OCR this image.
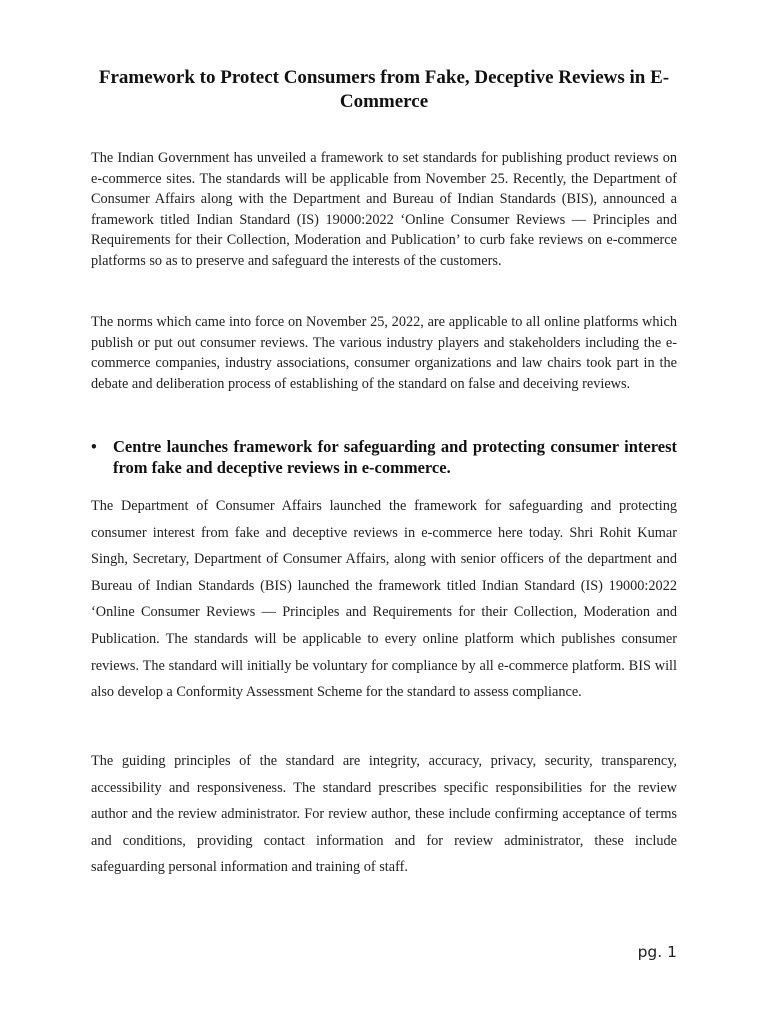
Framework to Protect Consumers from Fake, Deceptive Reviews in E-Commerce

The Indian Government has unveiled a framework to set standards for publishing product reviews on e-commerce sites. The standards will be applicable from November 25. Recently, the Department of Consumer Affairs along with the Department and Bureau of Indian Standards (BIS), announced a framework titled Indian Standard (IS) 19000:2022 ‘Online Consumer Reviews — Principles and Requirements for their Collection, Moderation and Publication’ to curb fake reviews on e-commerce platforms so as to preserve and safeguard the interests of the customers.

The norms which came into force on November 25, 2022, are applicable to all online platforms which publish or put out consumer reviews. The various industry players and stakeholders including the e-commerce companies, industry associations, consumer organizations and law chairs took part in the debate and deliberation process of establishing of the standard on false and deceiving reviews.

• Centre launches framework for safeguarding and protecting consumer interest from fake and deceptive reviews in e-commerce.

The Department of Consumer Affairs launched the framework for safeguarding and protecting consumer interest from fake and deceptive reviews in e-commerce here today. Shri Rohit Kumar Singh, Secretary, Department of Consumer Affairs, along with senior officers of the department and Bureau of Indian Standards (BIS) launched the framework titled Indian Standard (IS) 19000:2022 ‘Online Consumer Reviews — Principles and Requirements for their Collection, Moderation and Publication. The standards will be applicable to every online platform which publishes consumer reviews. The standard will initially be voluntary for compliance by all e-commerce platform. BIS will also develop a Conformity Assessment Scheme for the standard to assess compliance.

The guiding principles of the standard are integrity, accuracy, privacy, security, transparency, accessibility and responsiveness. The standard prescribes specific responsibilities for the review author and the review administrator. For review author, these include confirming acceptance of terms and conditions, providing contact information and for review administrator, these include safeguarding personal information and training of staff.

pg. 1
